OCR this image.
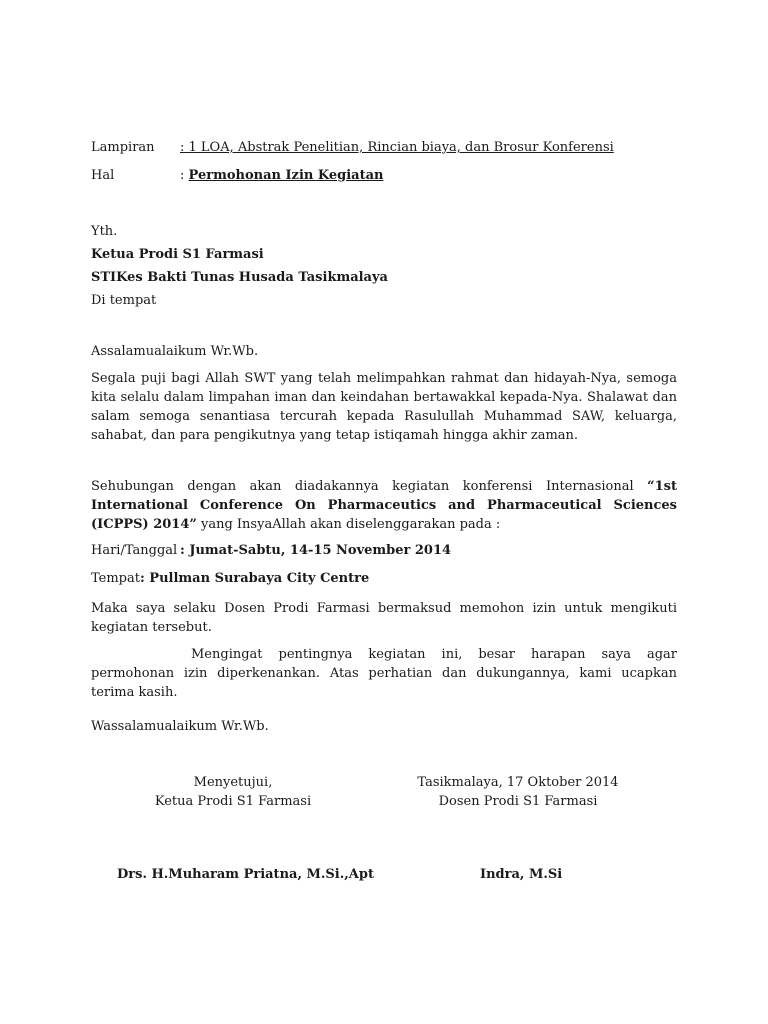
Lampiran : 1 LOA, Abstrak Penelitian, Rincian biaya, dan Brosur Konferensi
Hal	: Permohonan Izin Kegiatan
Yth.
Ketua Prodi S1 Farmasi
STIKes Bakti Tunas Husada Tasikmalaya
Di tempat
Assalamualaikum Wr.Wb.
Segala puji bagi Allah SWT yang telah melimpahkan rahmat dan hidayah-Nya, semoga kita selalu dalam limpahan iman dan keindahan bertawakkal kepada-Nya. Shalawat dan salam semoga senantiasa tercurah kepada Rasulullah Muhammad SAW, keluarga, sahabat, dan para pengikutnya yang tetap istiqamah hingga akhir zaman.
Sehubungan dengan akan diadakannya kegiatan konferensi Internasional “1st International Conference On Pharmaceutics and Pharmaceutical Sciences (ICPPS) 2014” yang InsyaAllah akan diselenggarakan pada :
Hari/Tanggal : Jumat-Sabtu, 14-15 November 2014
Tempat: Pullman Surabaya City Centre
Maka saya selaku Dosen Prodi Farmasi bermaksud memohon izin untuk mengikuti kegiatan tersebut.
Mengingat pentingnya kegiatan ini, besar harapan saya agar permohonan izin diperkenankan. Atas perhatian dan dukungannya, kami ucapkan terima kasih.
Wassalamualaikum Wr.Wb.
Menyetujui,
Ketua Prodi S1 Farmasi
Tasikmalaya, 17 Oktober 2014
Dosen Prodi S1 Farmasi
Drs. H.Muharam Priatna, M.Si.,Apt	Indra, M.Si
